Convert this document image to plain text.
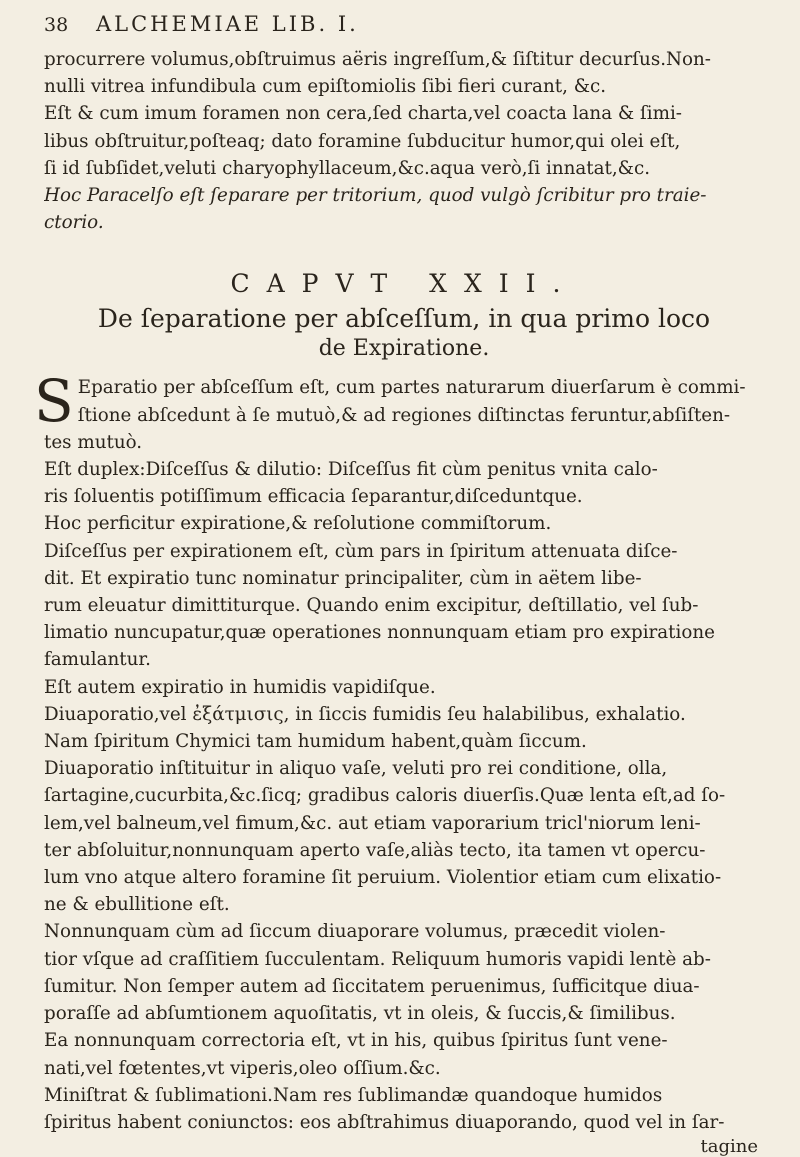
38	ALCHEMIAE LIB. I.

procurrere volumus,obſtruimus aëris ingreſſum,& ſiſtitur decurſus.Non-

nulli vitrea infundibula cum epiſtomiolis ſibi fieri curant, &c.

Eſt & cum imum foramen non cera,ſed charta,vel coacta lana & ſimi-

libus obſtruitur,poſteaq; dato foramine ſubducitur humor,qui olei eſt,

ſi id ſubſidet,veluti charyophyllaceum,&c.aqua verò,ſi innatat,&c.

Hoc Paracelſo eſt ſeparare per tritorium, quod vulgò ſcribitur pro traie-

ctorio.

CAPVT XXII.

De ſeparatione per abſceſſum, in qua primo loco

de Expiratione.

S Eparatio per abſceſſum eſt, cum partes naturarum diuerſarum è commi-

ſtione abſcedunt à ſe mutuò,& ad regiones diſtinctas feruntur,abſiſten-

tes mutuò.

Eſt duplex:Diſceſſus & dilutio: Diſceſſus fit cùm penitus vnita calo-

ris ſoluentis potiſſimum efficacia ſeparantur,diſceduntque.

Hoc perficitur expiratione,& reſolutione commiſtorum.

Diſceſſus per expirationem eſt, cùm pars in ſpiritum attenuata diſce-

dit. Et expiratio tunc nominatur principaliter, cùm in aëtem libe-

rum eleuatur dimittiturque. Quando enim excipitur, deſtillatio, vel ſub-

limatio nuncupatur,quæ operationes nonnunquam etiam pro expiratione

famulantur.

Eſt autem expiratio in humidis vapidiſque.

Diuaporatio,vel ἐξάτμισις, in ſiccis fumidis ſeu halabilibus, exhalatio.

Nam ſpiritum Chymici tam humidum habent,quàm ſiccum.

Diuaporatio inſtituitur in aliquo vaſe, veluti pro rei conditione, olla,

ſartagine,cucurbita,&c.ſicq; gradibus caloris diuerſis.Quæ lenta eſt,ad ſo-

lem,vel balneum,vel fimum,&c. aut etiam vaporarium tricl'niorum leni-

ter abſoluitur,nonnunquam aperto vaſe,aliàs tecto, ita tamen vt opercu-

lum vno atque altero foramine ſit peruium. Violentior etiam cum elixatio-

ne & ebullitione eſt.

Nonnunquam cùm ad ſiccum diuaporare volumus, præcedit violen-

tior vſque ad craſſitiem ſucculentam. Reliquum humoris vapidi lentè ab-

ſumitur. Non ſemper autem ad ſiccitatem peruenimus, ſufficitque diua-

poraſſe ad abſumtionem aquoſitatis, vt in oleis, & ſuccis,& ſimilibus.

Ea nonnunquam correctoria eſt, vt in his, quibus ſpiritus ſunt vene-

nati,vel fœtentes,vt viperis,oleo oſſium.&c.

Miniſtrat & ſublimationi.Nam res ſublimandæ quandoque humidos

ſpiritus habent coniunctos: eos abſtrahimus diuaporando, quod vel in ſar-

tagine
